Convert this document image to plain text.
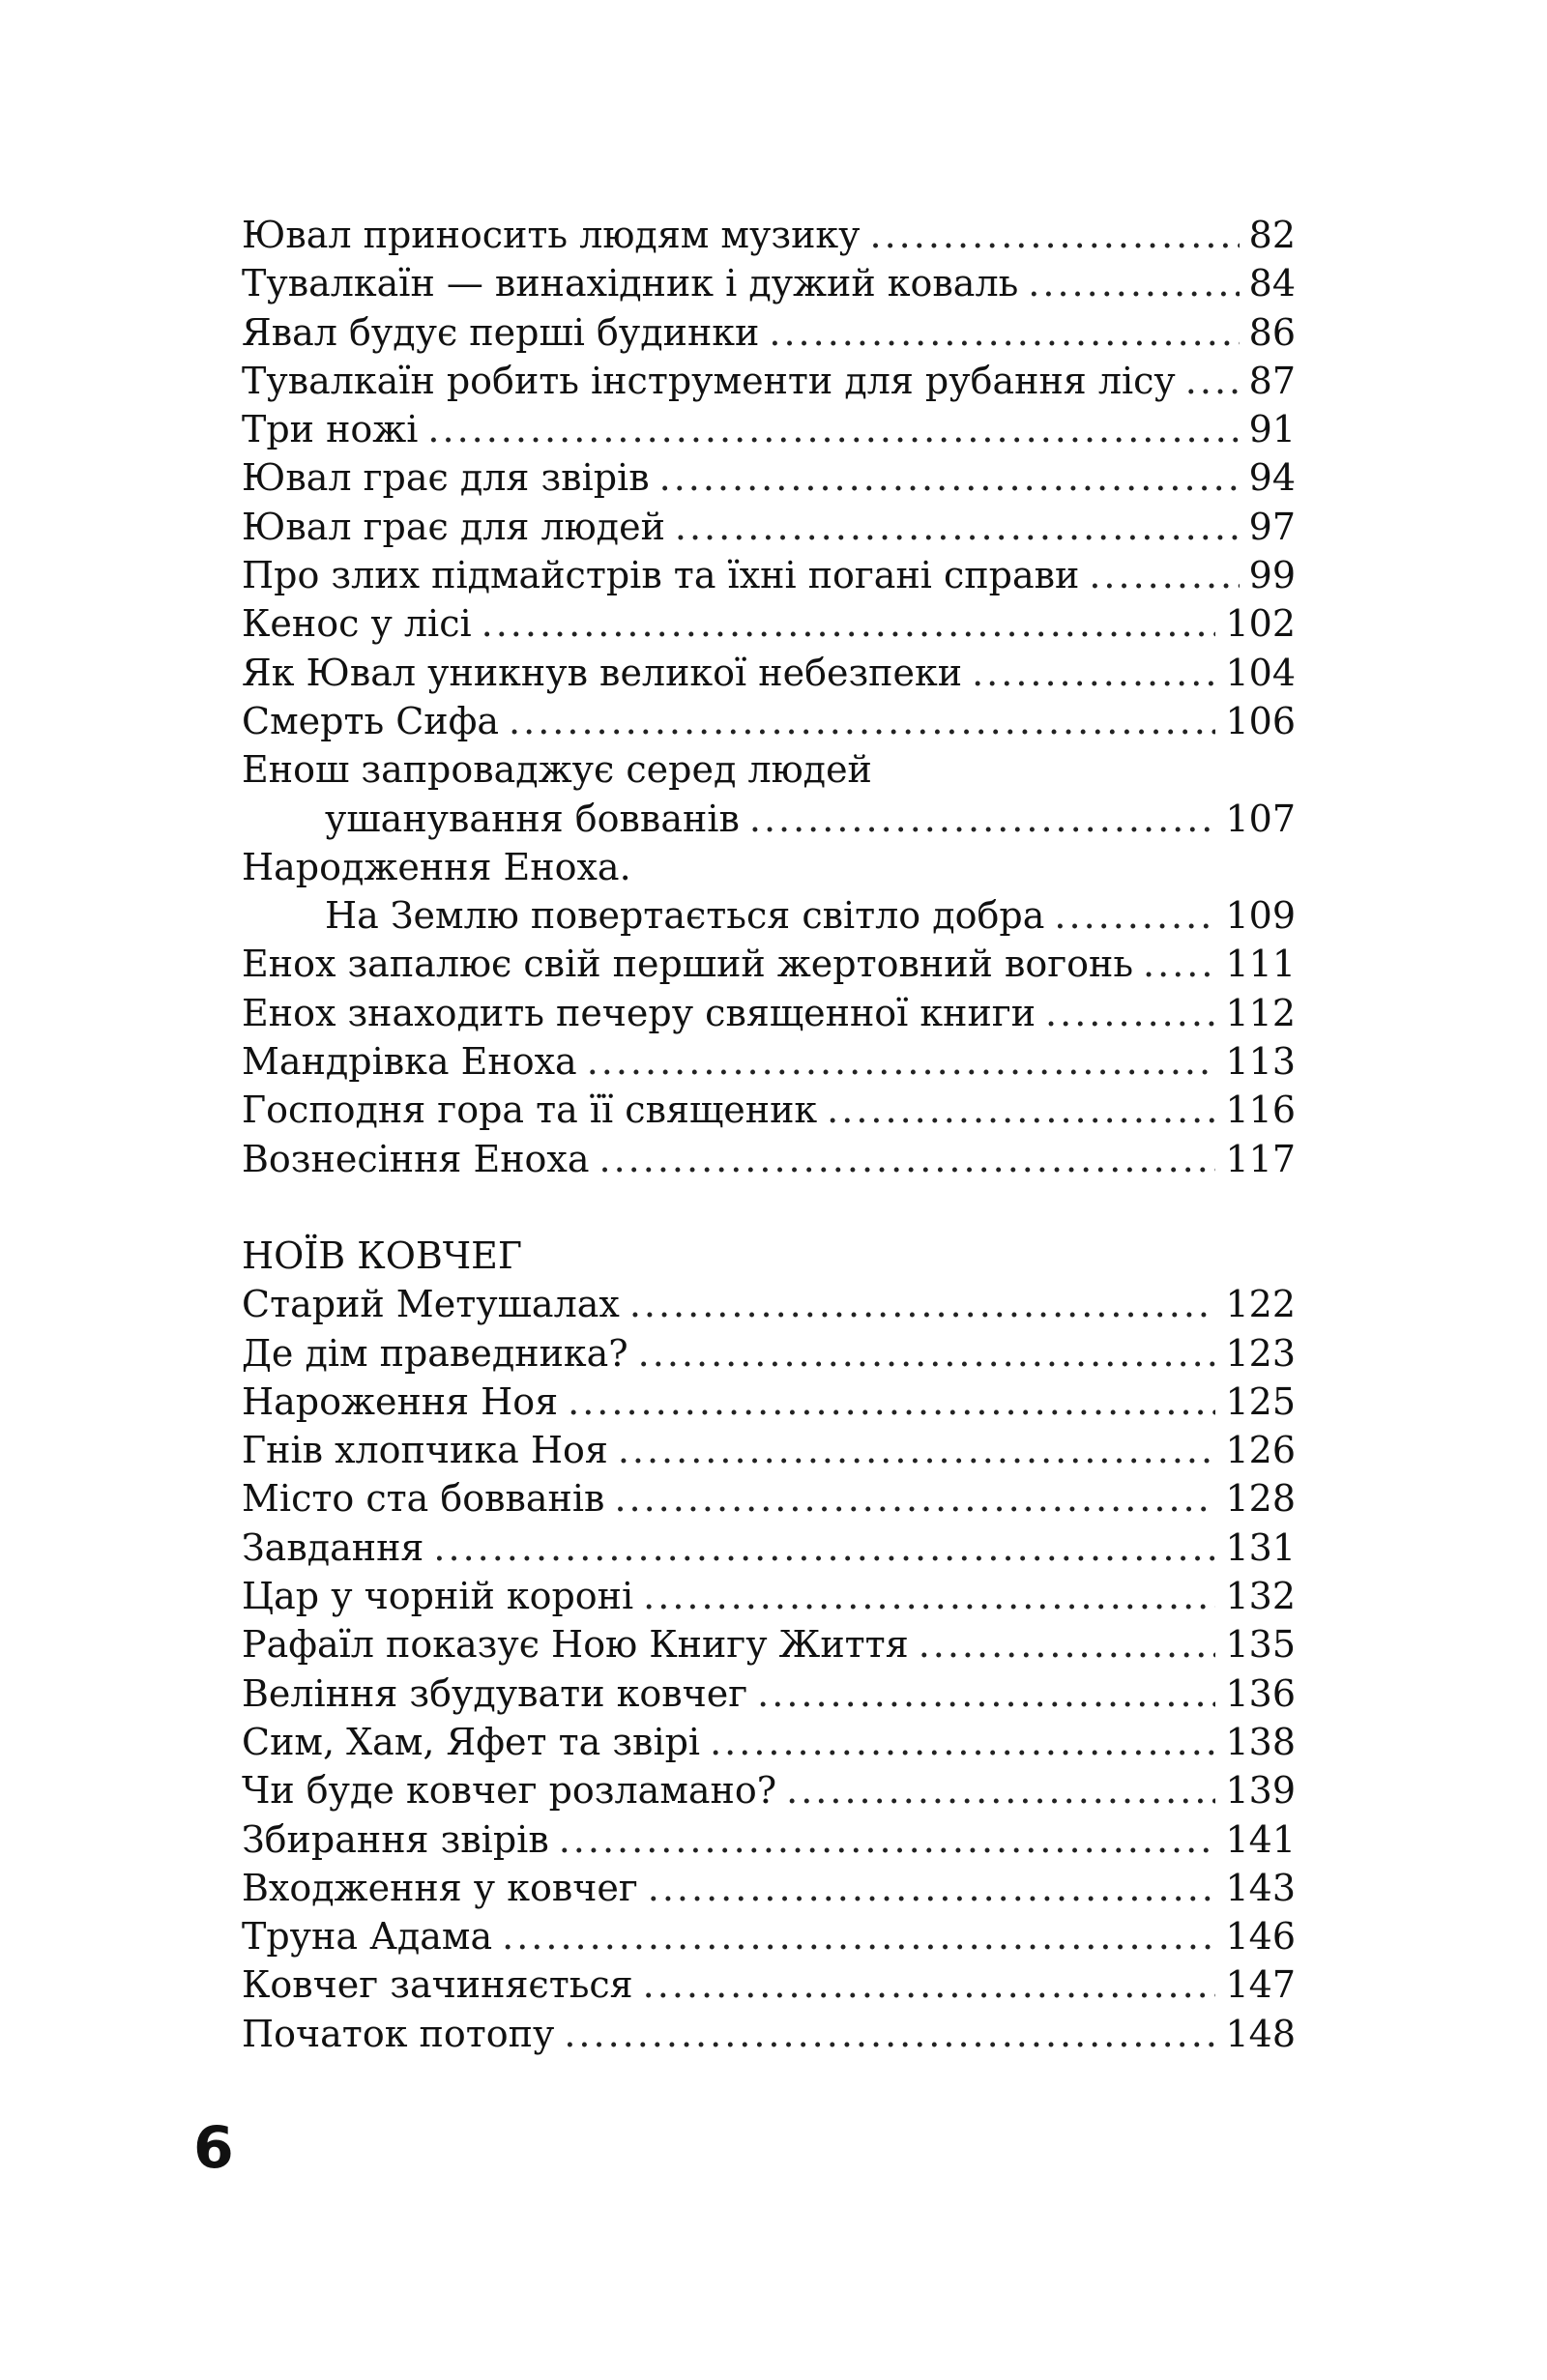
Ювал приносить людям музику .....	82
Тувалкаїн — винахідник і дужий коваль .....	84
Явал будує перші будинки .....	86
Тувалкаїн робить інструменти для рубання лісу ..... 87
Три ножі .....	91
Ювал грає для звірів .....	94
Ювал грає для людей .....	97
Про злих підмайстрів та їхні погані справи .....	99
Кенос у лісі .....	102
Як Ювал уникнув великої небезпеки .....	104
Смерть Сифа .....	106
Енош запроваджує серед людей
ушанування бовванів .....	107
Народження Еноха.
На Землю повертається світло добра .....	109
Енох запалює свій перший жертовний вогонь .....	111
Енох знаходить печеру священної книги .....	112
Мандрівка Еноха .....	113
Господня гора та її священик .....	116
Вознесіння Еноха .....	117
НОЇВ КОВЧЕГ
Старий Метушалах .....	122
Де дім праведника? .....	123
Нароження Ноя .....	125
Гнів хлопчика Ноя .....	126
Місто ста бовванів .....	128
Завдання .....	131
Цар у чорній короні .....	132
Рафаїл показує Ною Книгу Життя .....	135
Веління збудувати ковчег .....	136
Сим, Хам, Яфет та звірі .....	138
Чи буде ковчег розламано? .....	139
Збирання звірів .....	141
Входження у ковчег .....	143
Труна Адама .....	146
Ковчег зачиняється .....	147
Початок потопу .....	148
6
